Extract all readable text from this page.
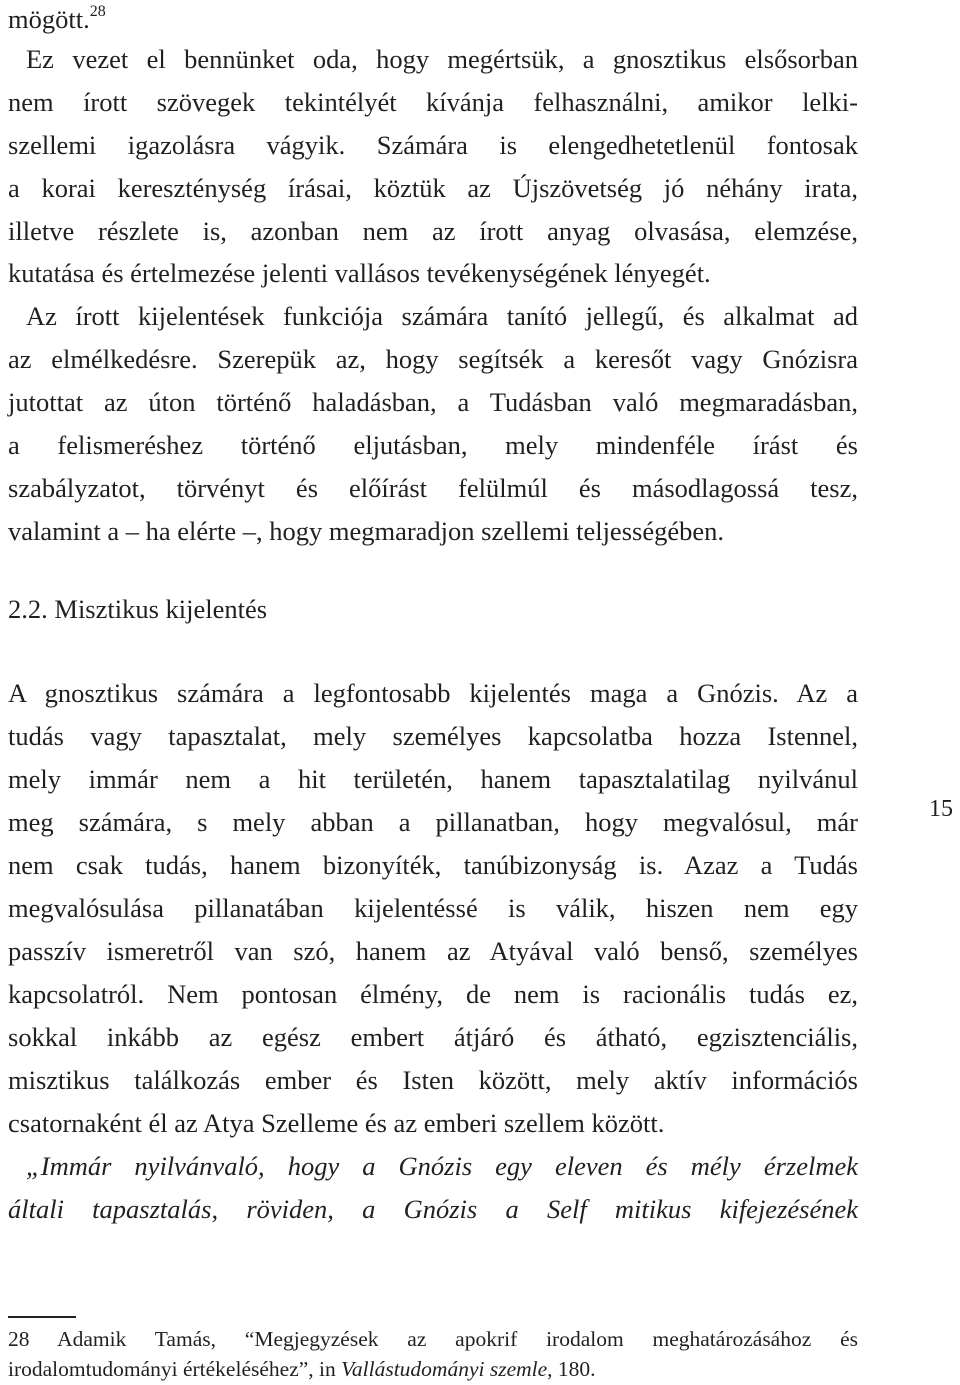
mögött.$^{28}$
Ez vezet el bennünket oda, hogy megértsük, a gnosztikus elsősorban
nem írott szövegek tekintélyét kívánja felhasználni, amikor lelki-
szellemi igazolásra vágyik. Számára is elengedhetetlenül fontosak
a korai kereszténység írásai, köztük az Újszövetség jó néhány irata,
illetve részlete is, azonban nem az írott anyag olvasása, elemzése,
kutatása és értelmezése jelenti vallásos tevékenységének lényegét.
Az írott kijelentések funkciója számára tanító jellegű, és alkalmat ad
az elmélkedésre. Szerepük az, hogy segítsék a keresőt vagy Gnózisra
jutottat az úton történő haladásban, a Tudásban való megmaradásban,
a felismeréshez történő eljutásban, mely mindenféle írást és
szabályzatot, törvényt és előírást felülmúl és másodlagossá tesz,
valamint a – ha elérte –, hogy megmaradjon szellemi teljességében.
2.2. Misztikus kijelentés
A gnosztikus számára a legfontosabb kijelentés maga a Gnózis. Az a
tudás vagy tapasztalat, mely személyes kapcsolatba hozza Istennel,
mely immár nem a hit területén, hanem tapasztalatilag nyilvánul
meg számára, s mely abban a pillanatban, hogy megvalósul, már
nem csak tudás, hanem bizonyíték, tanúbizonyság is. Azaz a Tudás
megvalósulása pillanatában kijelentéssé is válik, hiszen nem egy
passzív ismeretről van szó, hanem az Atyával való benső, személyes
kapcsolatról. Nem pontosan élmény, de nem is racionális tudás ez,
sokkal inkább az egész embert átjáró és átható, egzisztenciális,
misztikus találkozás ember és Isten között, mely aktív információs
csatornaként él az Atya Szelleme és az emberi szellem között.
„Immár nyilvánvaló, hogy a Gnózis egy eleven és mély érzelmek
általi tapasztalás, röviden, a Gnózis a Self mitikus kifejezésének
15
28 Adamik Tamás, “Megjegyzések az apokrif irodalom meghatározásához és
irodalomtudományi értékeléséhez”, in Vallástudományi szemle, 180.
